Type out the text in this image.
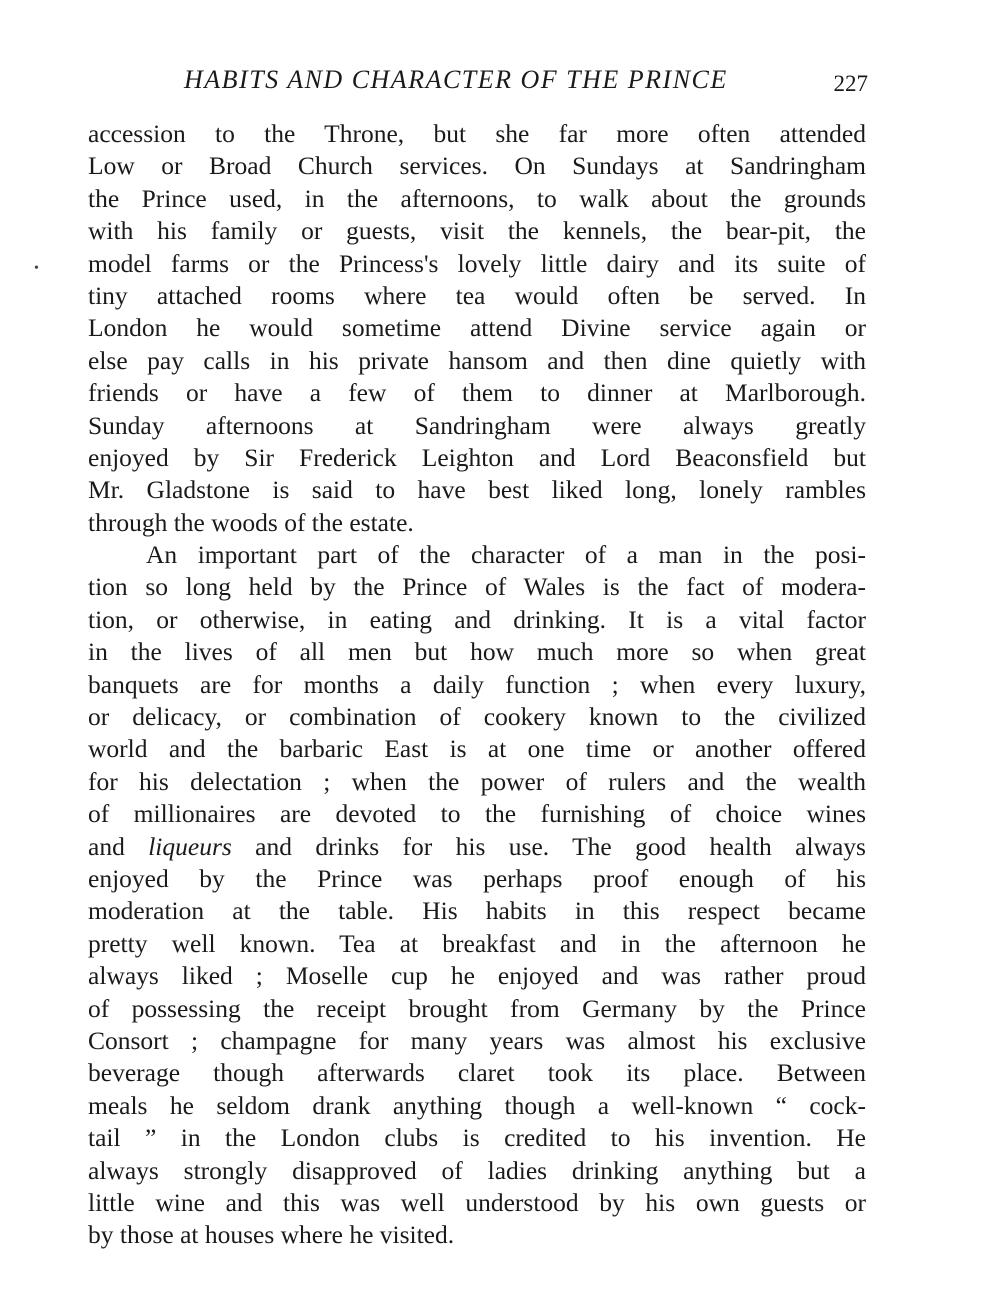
HABITS AND CHARACTER OF THE PRINCE	227
•
accession to the Throne, but she far more often attended
Low or Broad Church services. On Sundays at Sandringham
the Prince used, in the afternoons, to walk about the grounds
with his family or guests, visit the kennels, the bear-pit, the
model farms or the Princess's lovely little dairy and its suite of
tiny attached rooms where tea would often be served. In
London he would sometime attend Divine service again or
else pay calls in his private hansom and then dine quietly with
friends or have a few of them to dinner at Marlborough.
Sunday afternoons at Sandringham were always greatly
enjoyed by Sir Frederick Leighton and Lord Beaconsfield but
Mr. Gladstone is said to have best liked long, lonely rambles
through the woods of the estate.
An important part of the character of a man in the posi-
tion so long held by the Prince of Wales is the fact of modera-
tion, or otherwise, in eating and drinking. It is a vital factor
in the lives of all men but how much more so when great
banquets are for months a daily function ; when every luxury,
or delicacy, or combination of cookery known to the civilized
world and the barbaric East is at one time or another offered
for his delectation ; when the power of rulers and the wealth
of millionaires are devoted to the furnishing of choice wines
and liqueurs and drinks for his use. The good health always
enjoyed by the Prince was perhaps proof enough of his
moderation at the table. His habits in this respect became
pretty well known. Tea at breakfast and in the afternoon he
always liked ; Moselle cup he enjoyed and was rather proud
of possessing the receipt brought from Germany by the Prince
Consort ; champagne for many years was almost his exclusive
beverage though afterwards claret took its place. Between
meals he seldom drank anything though a well-known “ cock-
tail ” in the London clubs is credited to his invention. He
always strongly disapproved of ladies drinking anything but a
little wine and this was well understood by his own guests or
by those at houses where he visited.
